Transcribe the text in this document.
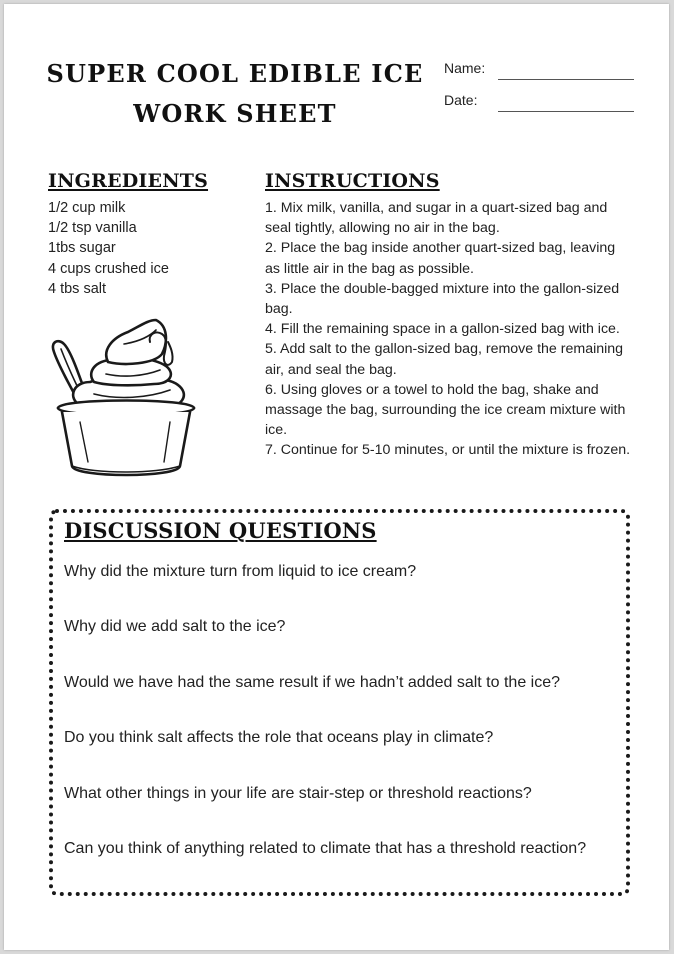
SUPER COOL EDIBLE ICE
WORK SHEET
Name:
Date:
INGREDIENTS
1/2 cup milk
1/2 tsp vanilla
1tbs sugar
4 cups crushed ice
4 tbs salt
INSTRUCTIONS
1. Mix milk, vanilla, and sugar in a quart-sized bag and seal tightly, allowing no air in the bag.
2. Place the bag inside another quart-sized bag, leaving as little air in the bag as possible.
3. Place the double-bagged mixture into the gallon-sized bag.
4. Fill the remaining space in a gallon-sized bag with ice.
5. Add salt to the gallon-sized bag, remove the remaining air, and seal the bag.
6. Using gloves or a towel to hold the bag, shake and massage the bag, surrounding the ice cream mixture with ice.
7. Continue for 5-10 minutes, or until the mixture is frozen.
DISCUSSION QUESTIONS
Why did the mixture turn from liquid to ice cream?
Why did we add salt to the ice?
Would we have had the same result if we hadn’t added salt to the ice?
Do you think salt affects the role that oceans play in climate?
What other things in your life are stair-step or threshold reactions?
Can you think of anything related to climate that has a threshold reaction?
